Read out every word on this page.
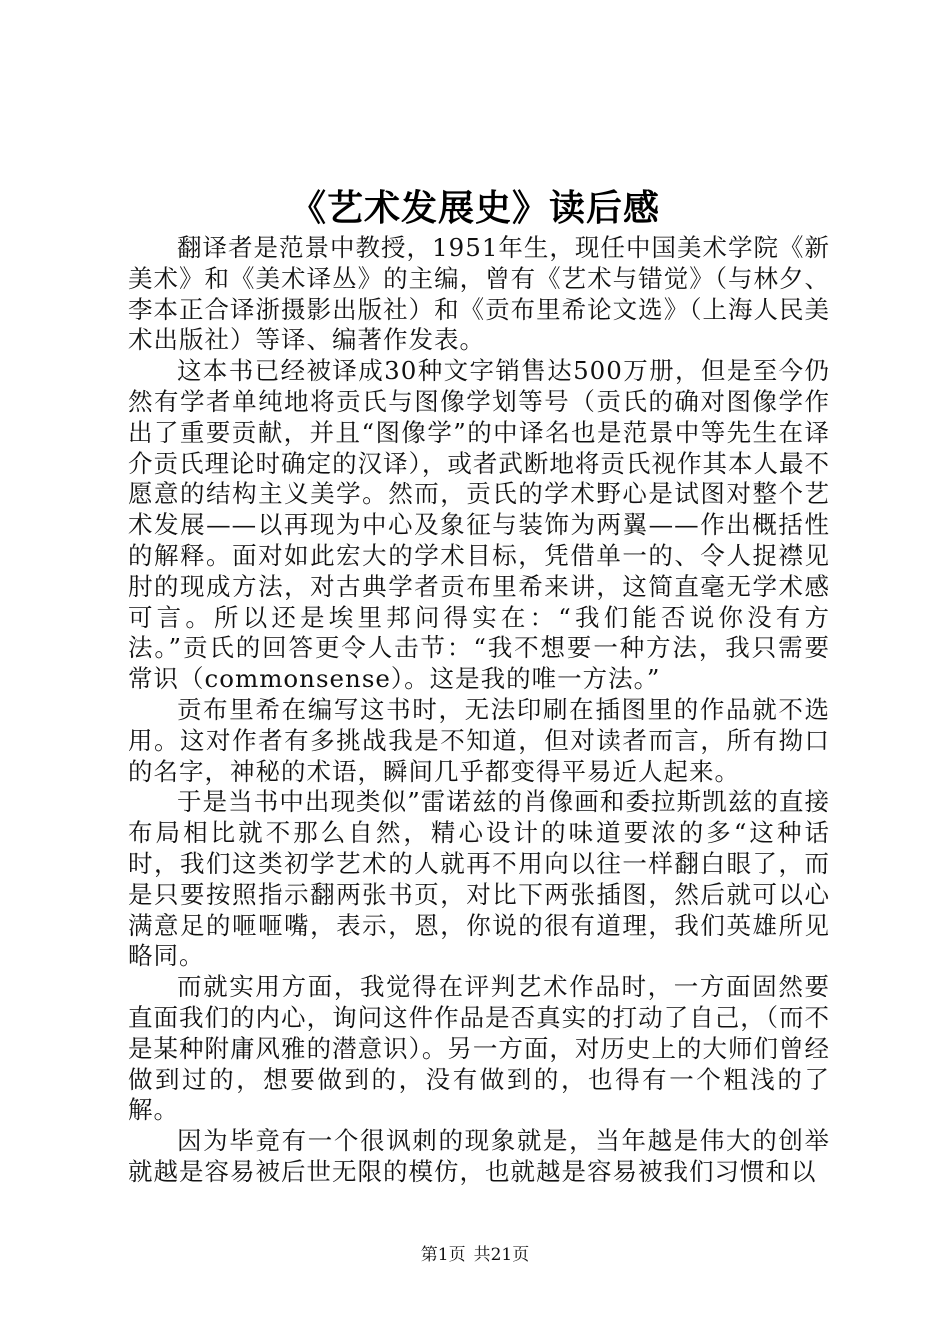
《艺术发展史》读后感

翻译者是范景中教授，1951年生，现任中国美术学院《新美术》和《美术译丛》的主编，曾有《艺术与错觉》（与林夕、李本正合译浙摄影出版社）和《贡布里希论文选》（上海人民美术出版社）等译、编著作发表。

这本书已经被译成30种文字销售达500万册，但是至今仍然有学者单纯地将贡氏与图像学划等号（贡氏的确对图像学作出了重要贡献，并且“图像学”的中译名也是范景中等先生在译介贡氏理论时确定的汉译），或者武断地将贡氏视作其本人最不愿意的结构主义美学。然而，贡氏的学术野心是试图对整个艺术发展——以再现为中心及象征与装饰为两翼——作出概括性的解释。面对如此宏大的学术目标，凭借单一的、令人捉襟见肘的现成方法，对古典学者贡布里希来讲，这简直毫无学术感可言。所以还是埃里邦问得实在：“我们能否说你没有方法。”贡氏的回答更令人击节：“我不想要一种方法，我只需要常识（commonsense）。这是我的唯一方法。”

贡布里希在编写这书时，无法印刷在插图里的作品就不选用。这对作者有多挑战我是不知道，但对读者而言，所有拗口的名字，神秘的术语，瞬间几乎都变得平易近人起来。

于是当书中出现类似”雷诺兹的肖像画和委拉斯凯兹的直接布局相比就不那么自然，精心设计的味道要浓的多“这种话时，我们这类初学艺术的人就再不用向以往一样翻白眼了，而是只要按照指示翻两张书页，对比下两张插图，然后就可以心满意足的咂咂嘴，表示，恩，你说的很有道理，我们英雄所见略同。

而就实用方面，我觉得在评判艺术作品时，一方面固然要直面我们的内心，询问这件作品是否真实的打动了自己，（而不是某种附庸风雅的潜意识）。另一方面，对历史上的大师们曾经做到过的，想要做到的，没有做到的，也得有一个粗浅的了解。

因为毕竟有一个很讽刺的现象就是，当年越是伟大的创举就越是容易被后世无限的模仿，也就越是容易被我们习惯和以

第1页 共21页
